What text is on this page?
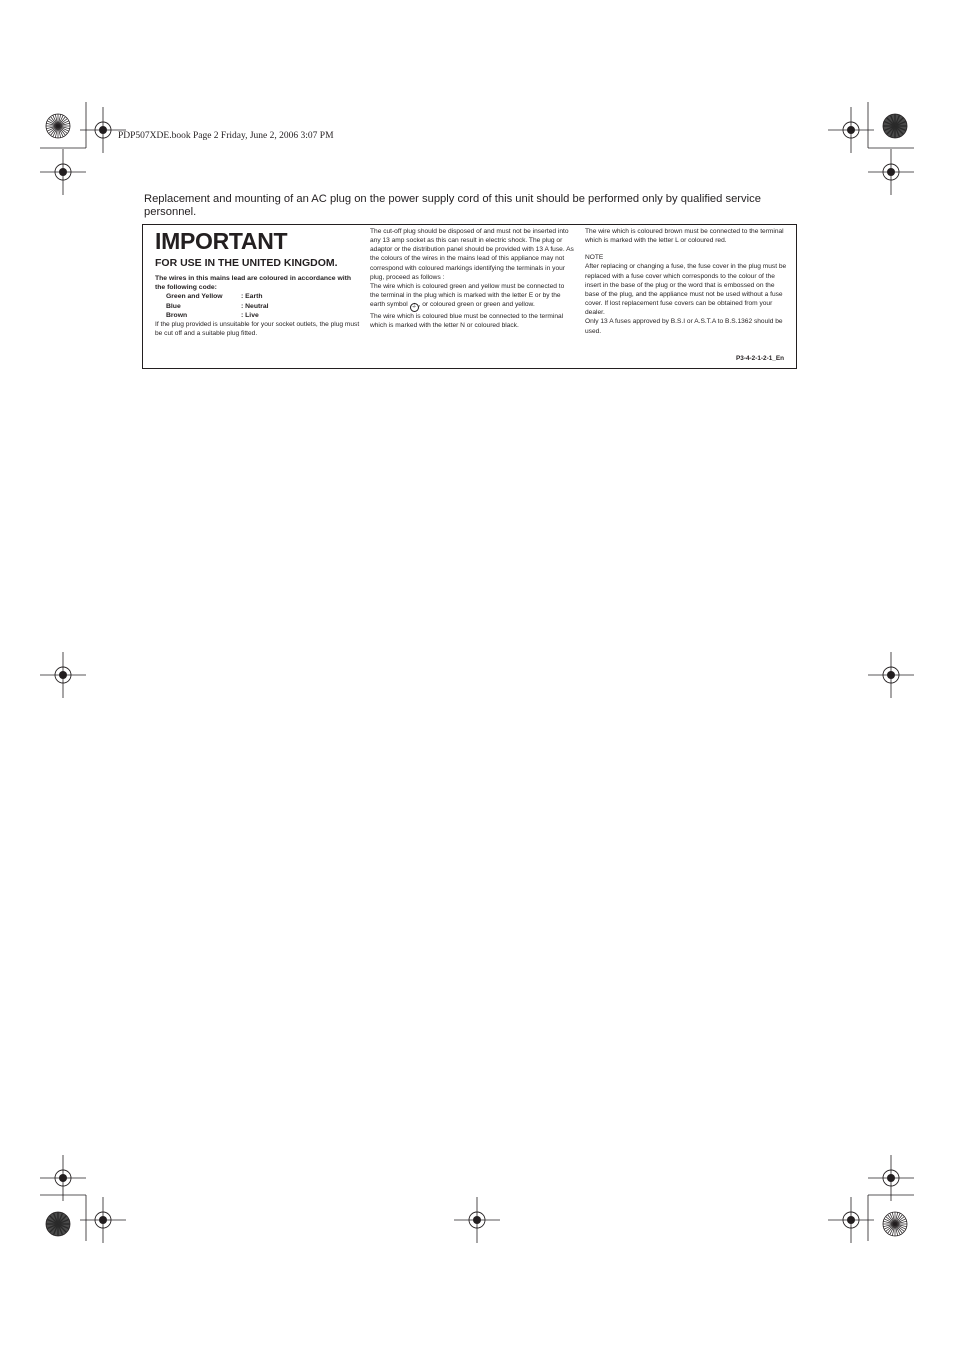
PDP507XDE.book Page 2 Friday, June 2, 2006 3:07 PM
Replacement and mounting of an AC plug on the power supply cord of this unit should be performed only by qualified service personnel.
IMPORTANT
FOR USE IN THE UNITED KINGDOM.
The wires in this mains lead are coloured in accordance with the following code:
Green and Yellow	: Earth
Blue	: Neutral
Brown	: Live

If the plug provided is unsuitable for your socket outlets, the plug must be cut off and a suitable plug fitted.

The cut-off plug should be disposed of and must not be inserted into any 13 amp socket as this can result in electric shock. The plug or adaptor or the distribution panel should be provided with 13 A fuse. As the colours of the wires in the mains lead of this appliance may not correspond with coloured markings identifying the terminals in your plug, proceed as follows :

The wire which is coloured green and yellow must be connected to the terminal in the plug which is marked with the letter E or by the earth symbol ⏚ , or coloured green or green and yellow.

The wire which is coloured blue must be connected to the terminal which is marked with the letter N or coloured black.

The wire which is coloured brown must be connected to the terminal which is marked with the letter L or coloured red.

NOTE

After replacing or changing a fuse, the fuse cover in the plug must be replaced with a fuse cover which corresponds to the colour of the insert in the base of the plug or the word that is embossed on the base of the plug, and the appliance must not be used without a fuse cover. If lost replacement fuse covers can be obtained from your dealer.

Only 13 A fuses approved by B.S.I or A.S.T.A to B.S.1362 should be used.

P3-4-2-1-2-1_En
